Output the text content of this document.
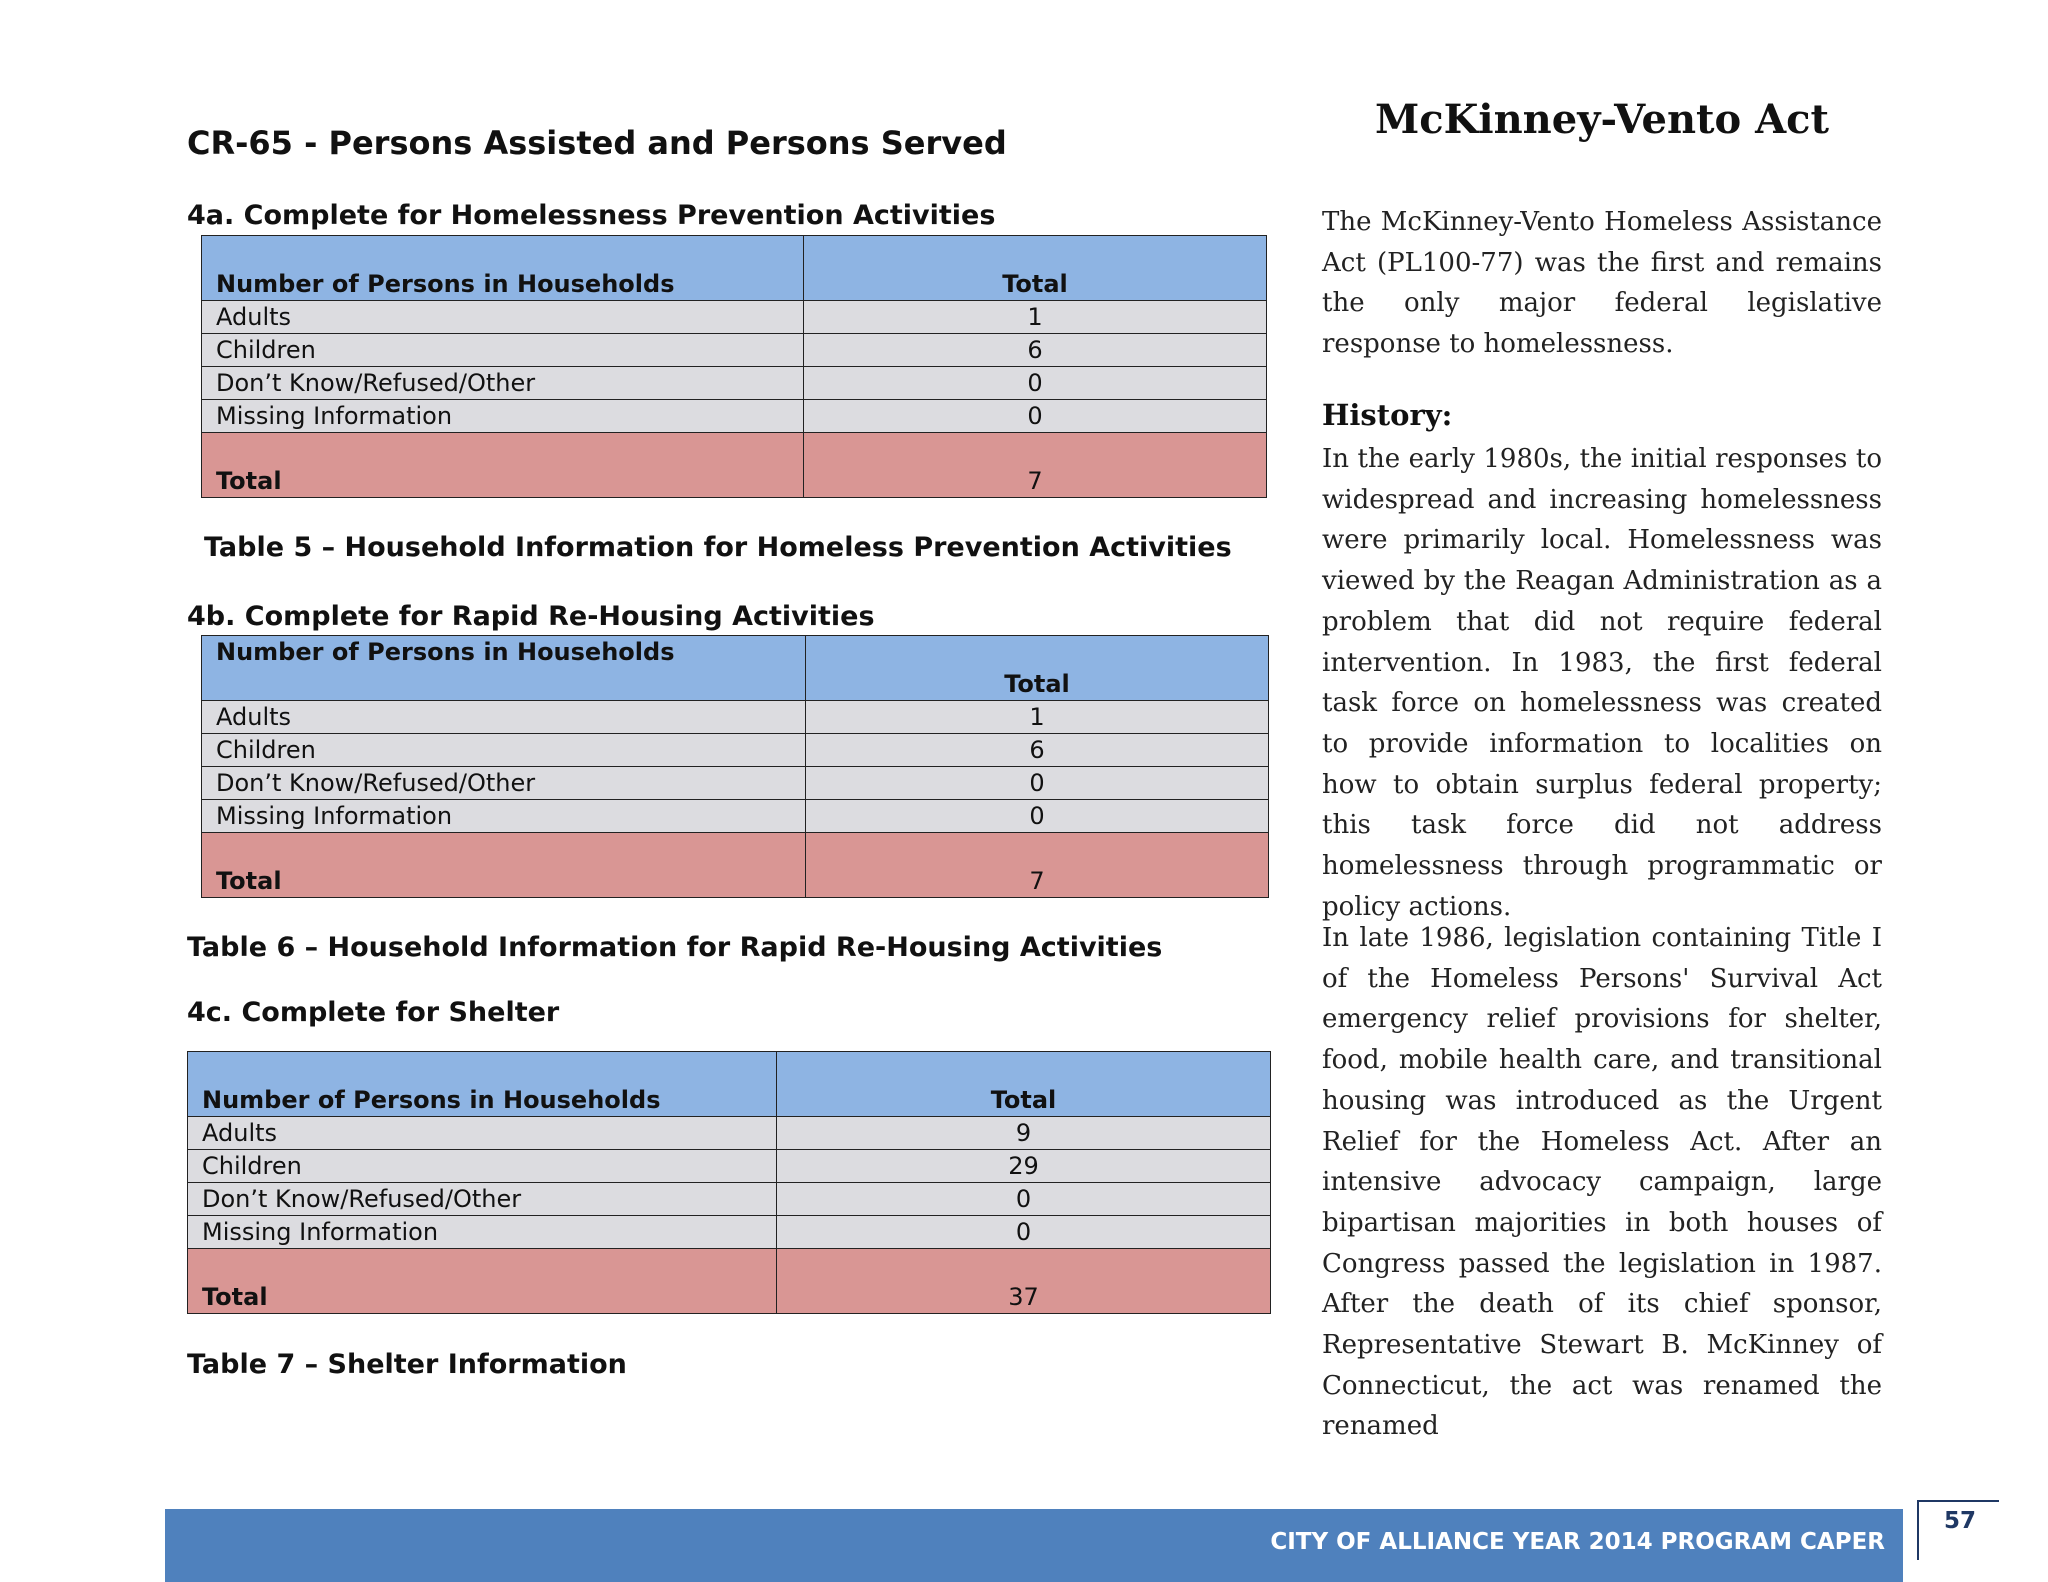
CR-65 - Persons Assisted and Persons Served
4a. Complete for Homelessness Prevention Activities
Number of Persons in Households	Total
Adults	1
Children	6
Don’t Know/Refused/Other	0
Missing Information	0
Total	7

Table 5 – Household Information for Homeless Prevention Activities

4b. Complete for Rapid Re-Housing Activities
Number of Persons in Households	Total
Adults	1
Children	6
Don’t Know/Refused/Other	0
Missing Information	0
Total	7

Table 6 – Household Information for Rapid Re-Housing Activities

4c. Complete for Shelter
Number of Persons in Households	Total
Adults	9
Children	29
Don’t Know/Refused/Other	0
Missing Information	0
Total	37

Table 7 – Shelter Information

McKinney-Vento Act

The McKinney-Vento Homeless Assistance Act (PL100-77) was the first and remains the only major federal legislative response to homelessness.

History:

In the early 1980s, the initial responses to widespread and increasing homelessness were primarily local. Homelessness was viewed by the Reagan Administration as a problem that did not require federal intervention. In 1983, the first federal task force on homelessness was created to provide information to localities on how to obtain surplus federal property; this task force did not address homelessness through programmatic or policy actions.

In late 1986, legislation containing Title I of the Homeless Persons' Survival Act emergency relief provisions for shelter, food, mobile health care, and transitional housing was introduced as the Urgent Relief for the Homeless Act. After an intensive advocacy campaign, large bipartisan majorities in both houses of Congress passed the legislation in 1987. After the death of its chief sponsor, Representative Stewart B. McKinney of Connecticut, the act was renamed the renamed

CITY OF ALLIANCE YEAR 2014 PROGRAM CAPER
57
